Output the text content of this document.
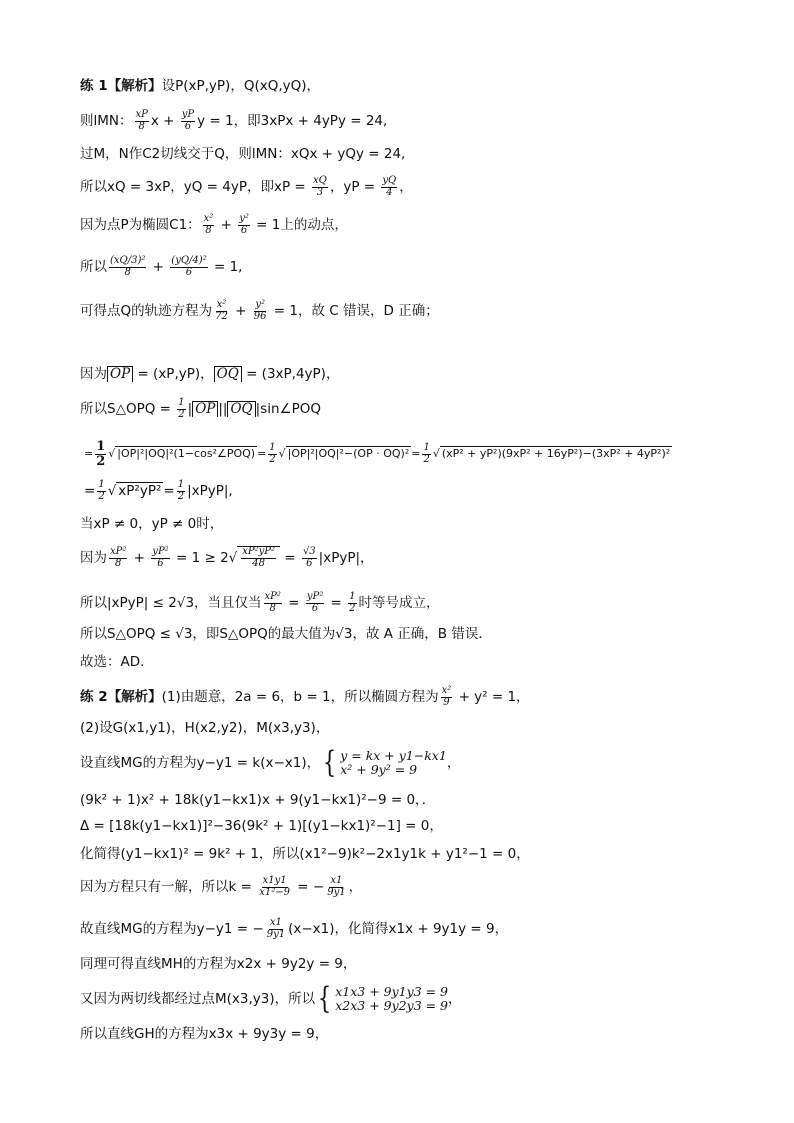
练 1【解析】设P(xP,yP)，Q(xQ,yQ)，
则lMN： $\frac{xP}{8}$ $x + \frac{yP}{6}$ y = 1，即3xPx + 4yPy = 24,
过M，N作C2切线交于Q，则lMN：xQx + yQy = 24,
所以xQ = 3xP，yQ = 4yP，即xP = $\frac{xQ}{3}$ ，yP = $\frac{yQ}{4}$ ，
因为点P为椭圆C1： $\frac{\text{x²}}{8} + \frac{\text{y²}}{6} = 1$上的动点，
所以 $\frac{\text{(xQ/3)²}}{8} + \frac{\text{(yQ/4)²}}{6} = 1$,
可得点Q的轨迹方程为 $\frac{\text{x²}}{72} + \frac{\text{y²}}{96} = 1$，故 C 错误，D 正确；
因为 OP = (xP,yP)， OQ = (3xP,4yP)，
所以S△OPQ = $\frac{1}{2}$ | OP || OQ |sin∠POQ
= $\frac{1}{2}$ √ |OP|²|OQ|²(1−cos²∠POQ) = $\frac{1}{2}$ √ $|OP|^2|OQ|^2-(OP \cdot OQ)^2 = \frac{1}{2}$ √ (xP² + yP²)(9xP² + 16yP²)−(3xP² + 4yP²)²
= $\frac{1}{2}$ √ $xP^2yP^2 = \frac{1}{2}$ |xPyP|,
当xP ≠ 0，yP ≠ 0时，
因为 $\frac{\text{xP²}}{8} + \frac{\text{yP²}}{6} = 1 \ge 2√ \frac{\text{xP²yP²}}{48} = \frac{√3}{6}$ |xPyP|，
所以|xPyP| ≤ 2√3，当且仅当 $\frac{\text{xP²}}{8} = \frac{\text{yP²}}{6} = \frac{1}{2}$ 时等号成立，
所以S△OPQ ≤ √3，即S△OPQ的最大值为√3，故 A 正确，B 错误．
故选：AD．
练 2【解析】(1)由题意，2a = 6，b = 1，所以椭圆方程为 $\frac{\text{x²}}{9} + y^2 = 1$，
(2)设G(x1,y1)，H(x2,y2)，M(x3,y3)，
设直线MG的方程为y−y1 = k(x−x1)， { y = kx + y1−kx1
x² + 9y² = 9	，
(9k² + 1)x² + 18k(y1−kx1)x + 9(y1−kx1)²−9 = 0，．
Δ = [18k(y1−kx1)]²−36(9k² + 1)[(y1−kx1)²−1] = 0，
化简得(y1−kx1)² = 9k² + 1，所以(x1²−9)k²−2x1y1k + y1²−1 = 0，
因为方程只有一解，所以$k = \frac{x1y1}{\text{x1²−9}}$ = − $\frac{x1}{9y1}$ ，
故直线MG的方程为y−y1 = − $\frac{x1}{9y1} (x-x1)$，化简得x1x + 9y1y = 9，
同理可得直线MH的方程为x2x + 9y2y = 9，
又因为两切线都经过点M(x3,y3)，所以 { x1x3 + 9y1y3 = 9
x2x3 + 9y2y3 = 9 ，
所以直线GH的方程为x3x + 9y3y = 9，
